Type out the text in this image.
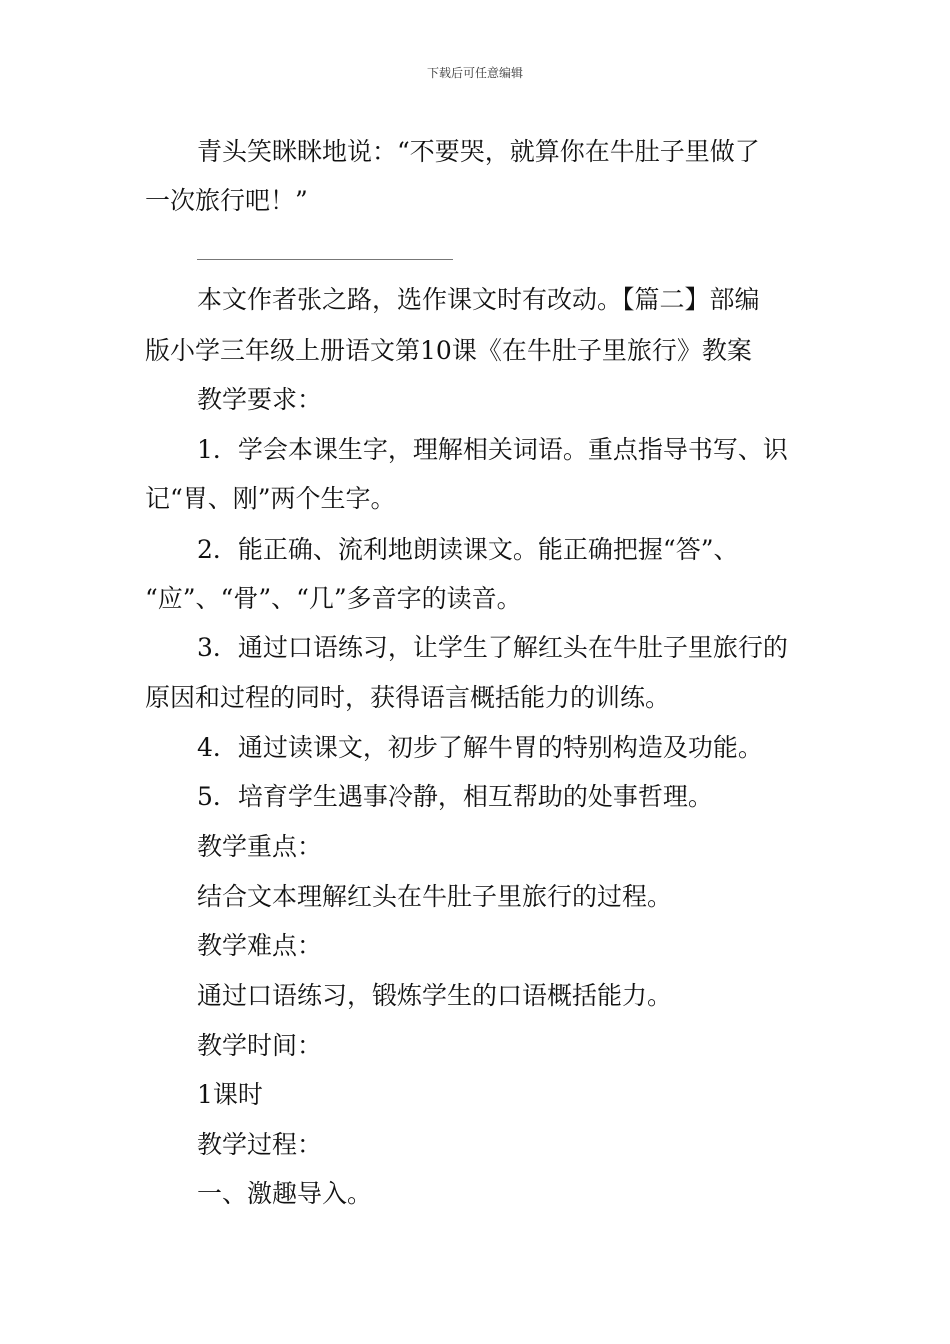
下载后可任意编辑
青头笑眯眯地说：“不要哭，就算你在牛肚子里做了
一次旅行吧！”
本文作者张之路，选作课文时有改动。【篇二】部编
版小学三年级上册语文第10课《在牛肚子里旅行》教案
教学要求：
1．学会本课生字，理解相关词语。重点指导书写、识
记“胃、刚”两个生字。
2．能正确、流利地朗读课文。能正确把握“答”、
“应”、“骨”、“几”多音字的读音。
3．通过口语练习，让学生了解红头在牛肚子里旅行的
原因和过程的同时，获得语言概括能力的训练。
4．通过读课文，初步了解牛胃的特别构造及功能。
5．培育学生遇事冷静，相互帮助的处事哲理。
教学重点：
结合文本理解红头在牛肚子里旅行的过程。
教学难点：
通过口语练习，锻炼学生的口语概括能力。
教学时间：
1课时
教学过程：
一、激趣导入。
